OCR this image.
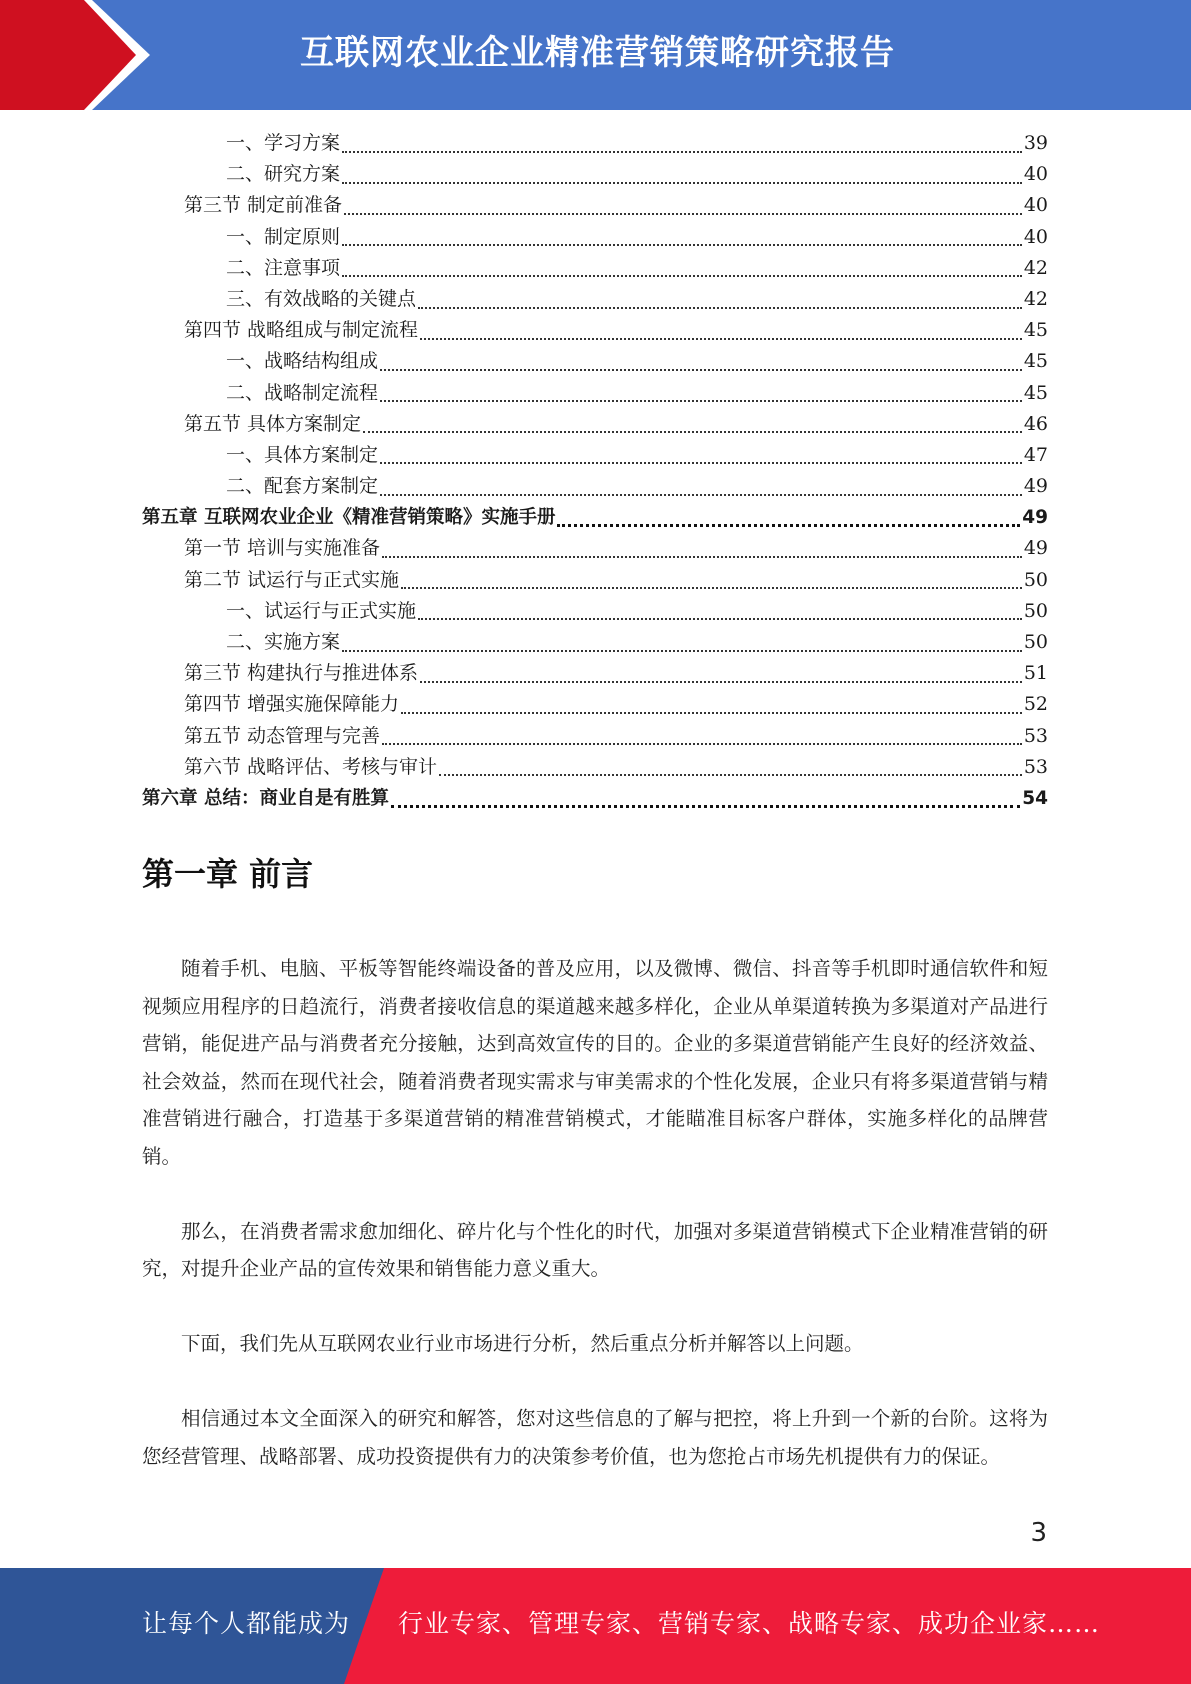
互联网农业企业精准营销策略研究报告
一、学习方案	39
二、研究方案	40
第三节 制定前准备	40
一、制定原则	40
二、注意事项	42
三、有效战略的关键点	42
第四节 战略组成与制定流程	45
一、战略结构组成	45
二、战略制定流程	45
第五节 具体方案制定	46
一、具体方案制定	47
二、配套方案制定	49
第五章 互联网农业企业《精准营销策略》实施手册	49
第一节 培训与实施准备	49
第二节 试运行与正式实施	50
一、试运行与正式实施	50
二、实施方案	50
第三节 构建执行与推进体系	51
第四节 增强实施保障能力	52
第五节 动态管理与完善	53
第六节 战略评估、考核与审计	53
第六章 总结：商业自是有胜算	54
第一章 前言

随着手机、电脑、平板等智能终端设备的普及应用，以及微博、微信、抖音等手机即时通信软件和短视频应用程序的日趋流行，消费者接收信息的渠道越来越多样化，企业从单渠道转换为多渠道对产品进行营销，能促进产品与消费者充分接触，达到高效宣传的目的。企业的多渠道营销能产生良好的经济效益、社会效益，然而在现代社会，随着消费者现实需求与审美需求的个性化发展，企业只有将多渠道营销与精准营销进行融合，打造基于多渠道营销的精准营销模式，才能瞄准目标客户群体，实施多样化的品牌营销。

那么，在消费者需求愈加细化、碎片化与个性化的时代，加强对多渠道营销模式下企业精准营销的研究，对提升企业产品的宣传效果和销售能力意义重大。

下面，我们先从互联网农业行业市场进行分析，然后重点分析并解答以上问题。

相信通过本文全面深入的研究和解答，您对这些信息的了解与把控，将上升到一个新的台阶。这将为您经营管理、战略部署、成功投资提供有力的决策参考价值，也为您抢占市场先机提供有力的保证。

3
让每个人都能成为 行业专家、管理专家、营销专家、战略专家、成功企业家……
